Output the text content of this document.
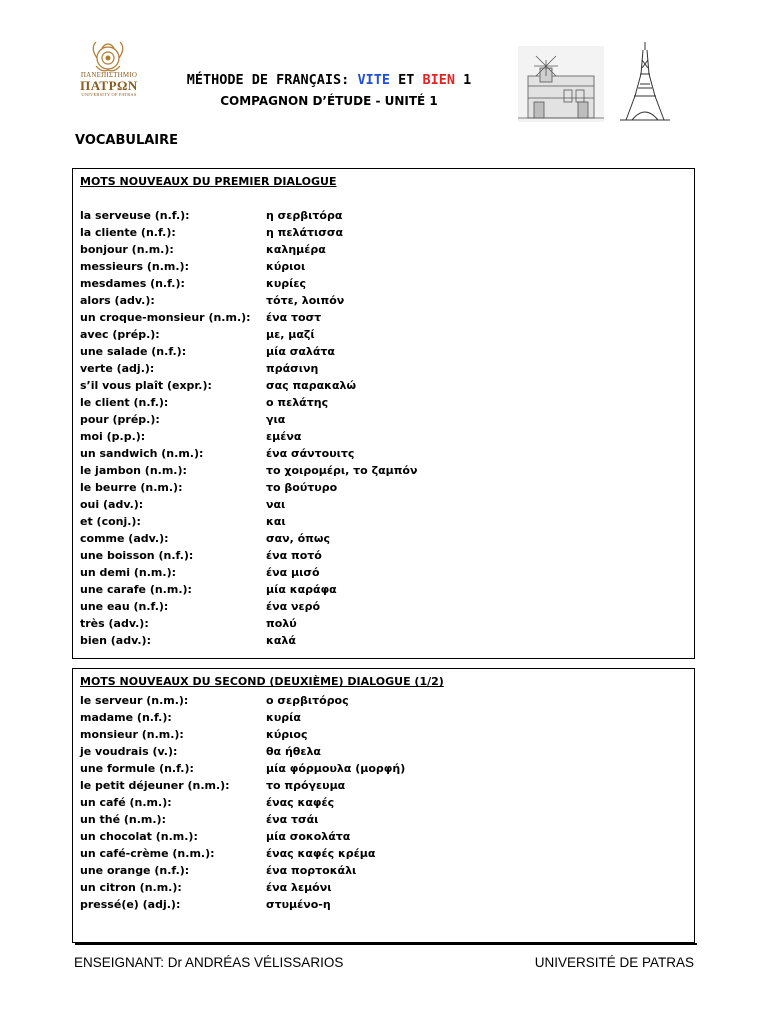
ΠΑΝΕΠΙΣΤΗΜΙΟ
ΠΑΤΡΩΝ
UNIVERSITY OF PATRAS
MÉTHODE DE FRANÇAIS: VITE ET BIEN 1
COMPAGNON D’ÉTUDE - UNITÉ 1
VOCABULAIRE
MOTS NOUVEAUX DU PREMIER DIALOGUE
la serveuse (n.f.):	η σερβιτόρα
la cliente (n.f.):	η πελάτισσα
bonjour (n.m.):	καλημέρα
messieurs (n.m.):	κύριοι
mesdames (n.f.):	κυρίες
alors (adv.):	τότε, λοιπόν
un croque-monsieur (n.m.): ένα τοστ
avec (prép.):	με, μαζί
une salade (n.f.):	μία σαλάτα
verte (adj.):	πράσινη
s’il vous plaît (expr.):	σας παρακαλώ
le client (n.f.):	ο πελάτης
pour (prép.):	για
moi (p.p.):	εμένα
un sandwich (n.m.):	ένα σάντουιτς
le jambon (n.m.):	το χοιρομέρι, το ζαμπόν
le beurre (n.m.):	το βούτυρο
oui (adv.):	ναι
et (conj.):	και
comme (adv.):	σαν, όπως
une boisson (n.f.):	ένα ποτό
un demi (n.m.):	ένα μισό
une carafe (n.m.):	μία καράφα
une eau (n.f.):	ένα νερό
très (adv.):	πολύ
bien (adv.):	καλά
MOTS NOUVEAUX DU SECOND (DEUXIÈME) DIALOGUE (1/2)
le serveur (n.m.):	ο σερβιτόρος
madame (n.f.):	κυρία
monsieur (n.m.):	κύριος
je voudrais (v.):	θα ήθελα
une formule (n.f.):	μία φόρμουλα (μορφή)
le petit déjeuner (n.m.):	το πρόγευμα
un café (n.m.):	ένας καφές
un thé (n.m.):	ένα τσάι
un chocolat (n.m.):	μία σοκολάτα
un café-crème (n.m.):	ένας καφές κρέμα
une orange (n.f.):	ένα πορτοκάλι
un citron (n.m.):	ένα λεμόνι
pressé(e) (adj.):	στυμένο-η
ENSEIGNANT: Dr ANDRÉAS VÉLISSARIOS	UNIVERSITÉ DE PATRAS
